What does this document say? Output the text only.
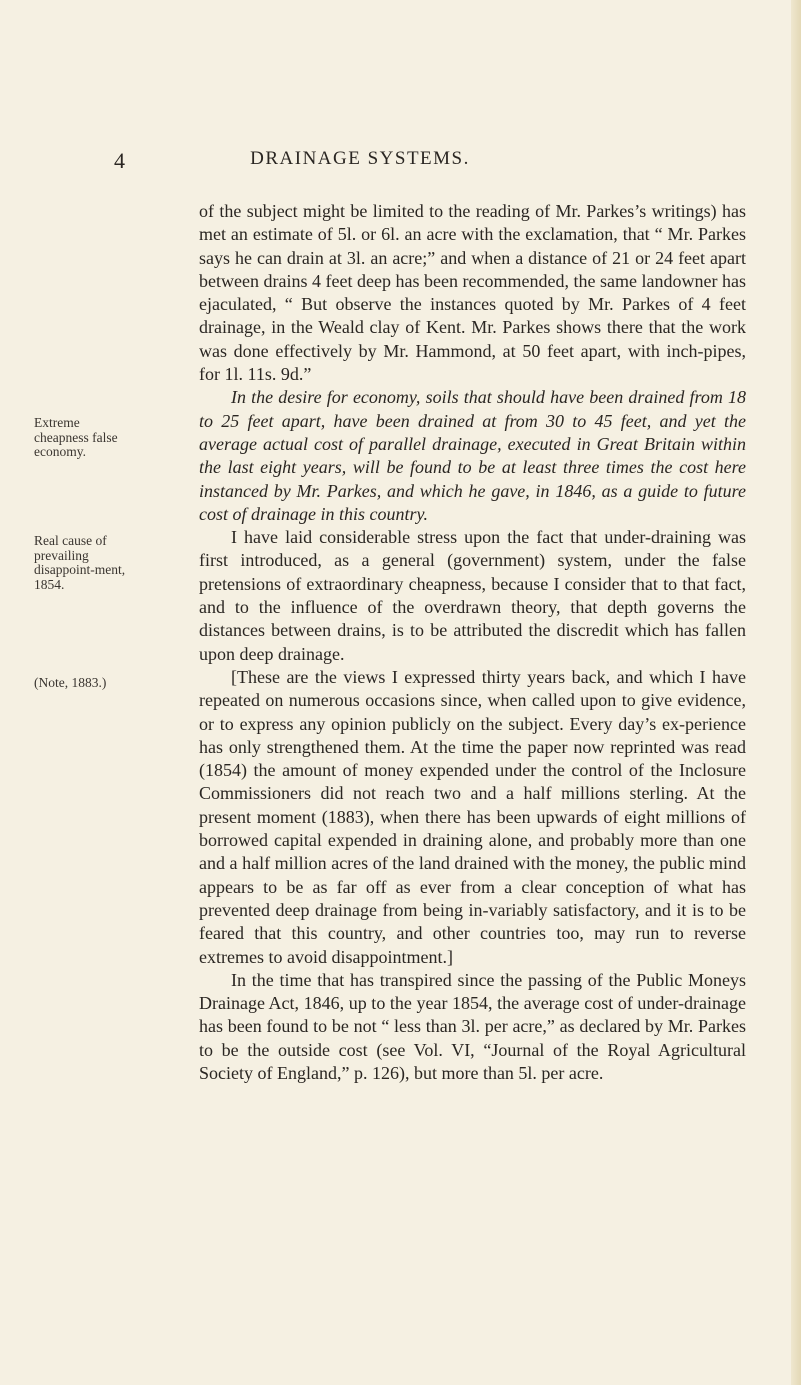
4	DRAINAGE SYSTEMS.
Extreme cheapness false economy.
Real cause of prevailing disappoint-ment, 1854.
(Note, 1883.)

of the subject might be limited to the reading of Mr. Parkes’s writings) has met an estimate of 5l. or 6l. an acre with the exclamation, that “ Mr. Parkes says he can drain at 3l. an acre;” and when a distance of 21 or 24 feet apart between drains 4 feet deep has been recommended, the same landowner has ejaculated, “ But observe the instances quoted by Mr. Parkes of 4 feet drainage, in the Weald clay of Kent. Mr. Parkes shows there that the work was done effectively by Mr. Hammond, at 50 feet apart, with inch-pipes, for 1l. 11s. 9d.”

In the desire for economy, soils that should have been drained from 18 to 25 feet apart, have been drained at from 30 to 45 feet, and yet the average actual cost of parallel drainage, executed in Great Britain within the last eight years, will be found to be at least three times the cost here instanced by Mr. Parkes, and which he gave, in 1846, as a guide to future cost of drainage in this country.

I have laid considerable stress upon the fact that under-draining was first introduced, as a general (government) system, under the false pretensions of extraordinary cheapness, because I consider that to that fact, and to the influence of the overdrawn theory, that depth governs the distances between drains, is to be attributed the discredit which has fallen upon deep drainage.

[These are the views I expressed thirty years back, and which I have repeated on numerous occasions since, when called upon to give evidence, or to express any opinion publicly on the subject. Every day’s ex-perience has only strengthened them. At the time the paper now reprinted was read (1854) the amount of money expended under the control of the Inclosure Commissioners did not reach two and a half millions sterling. At the present moment (1883), when there has been upwards of eight millions of borrowed capital expended in draining alone, and probably more than one and a half million acres of the land drained with the money, the public mind appears to be as far off as ever from a clear conception of what has prevented deep drainage from being in-variably satisfactory, and it is to be feared that this country, and other countries too, may run to reverse extremes to avoid disappointment.]

In the time that has transpired since the passing of the Public Moneys Drainage Act, 1846, up to the year 1854, the average cost of under-drainage has been found to be not “ less than 3l. per acre,” as declared by Mr. Parkes to be the outside cost (see Vol. VI, “Journal of the Royal Agricultural Society of England,” p. 126), but more than 5l. per acre.
